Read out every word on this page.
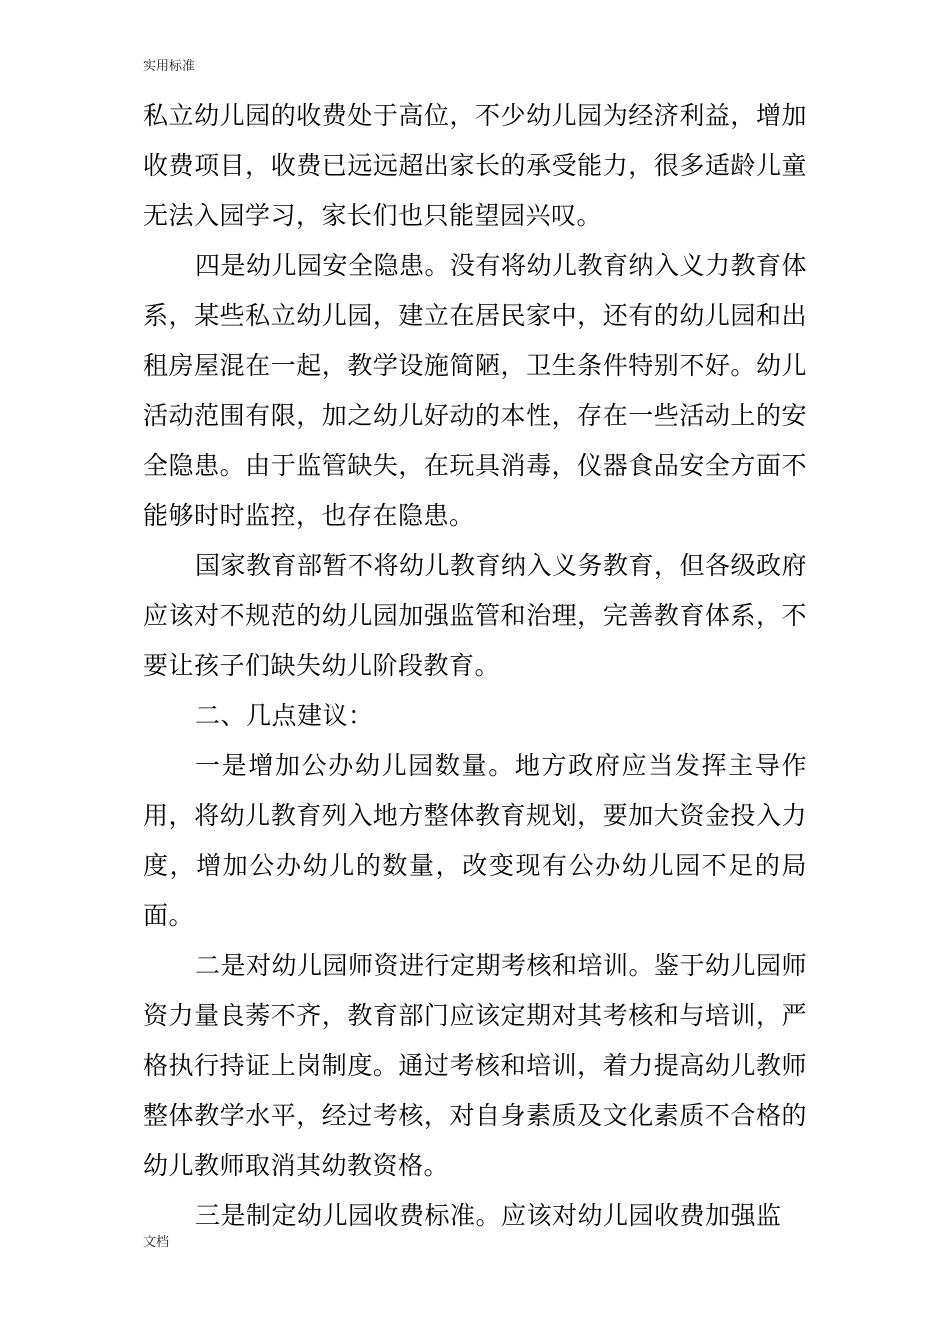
实用标准

私立幼儿园的收费处于高位，不少幼儿园为经济利益，增加收费项目，收费已远远超出家长的承受能力，很多适龄儿童无法入园学习，家长们也只能望园兴叹。

四是幼儿园安全隐患。没有将幼儿教育纳入义力教育体系，某些私立幼儿园，建立在居民家中，还有的幼儿园和出租房屋混在一起，教学设施简陋，卫生条件特别不好。幼儿活动范围有限，加之幼儿好动的本性，存在一些活动上的安全隐患。由于监管缺失，在玩具消毒，仪器食品安全方面不能够时时监控，也存在隐患。

国家教育部暂不将幼儿教育纳入义务教育，但各级政府应该对不规范的幼儿园加强监管和治理，完善教育体系，不要让孩子们缺失幼儿阶段教育。

二、几点建议：

一是增加公办幼儿园数量。地方政府应当发挥主导作用，将幼儿教育列入地方整体教育规划，要加大资金投入力度，增加公办幼儿的数量，改变现有公办幼儿园不足的局面。

二是对幼儿园师资进行定期考核和培训。鉴于幼儿园师资力量良莠不齐，教育部门应该定期对其考核和与培训，严格执行持证上岗制度。通过考核和培训，着力提高幼儿教师整体教学水平，经过考核，对自身素质及文化素质不合格的幼儿教师取消其幼教资格。

三是制定幼儿园收费标准。应该对幼儿园收费加强监

文档
